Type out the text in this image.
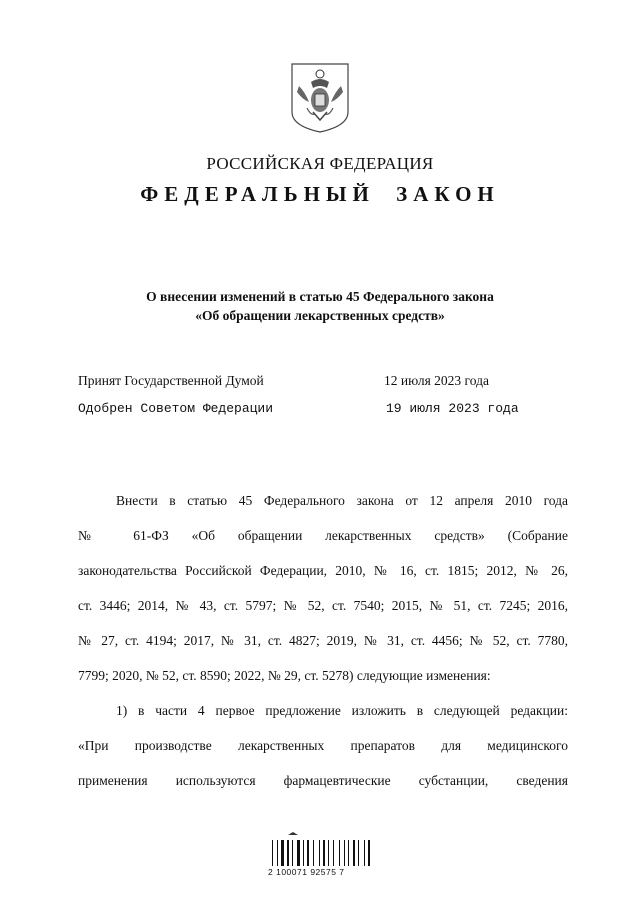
РОССИЙСКАЯ ФЕДЕРАЦИЯ
ФЕДЕРАЛЬНЫЙ ЗАКОН
О внесении изменений в статью 45 Федерального закона
«Об обращении лекарственных средств»
Принят Государственной Думой	12 июля 2023 года
Одобрен Советом Федерации	19 июля 2023 года
Внести в статью 45 Федерального закона от 12 апреля 2010 года
№ 61-ФЗ «Об обращении лекарственных средств» (Собрание
законодательства Российской Федерации, 2010, № 16, ст. 1815; 2012, № 26,
ст. 3446; 2014, № 43, ст. 5797; № 52, ст. 7540; 2015, № 51, ст. 7245; 2016,
№ 27, ст. 4194; 2017, № 31, ст. 4827; 2019, № 31, ст. 4456; № 52, ст. 7780,
7799; 2020, № 52, ст. 8590; 2022, № 29, ст. 5278) следующие изменения:
1) в части 4 первое предложение изложить в следующей редакции:
«При производстве лекарственных препаратов для медицинского
применения используются фармацевтические субстанции, сведения
2 100071 92575 7
